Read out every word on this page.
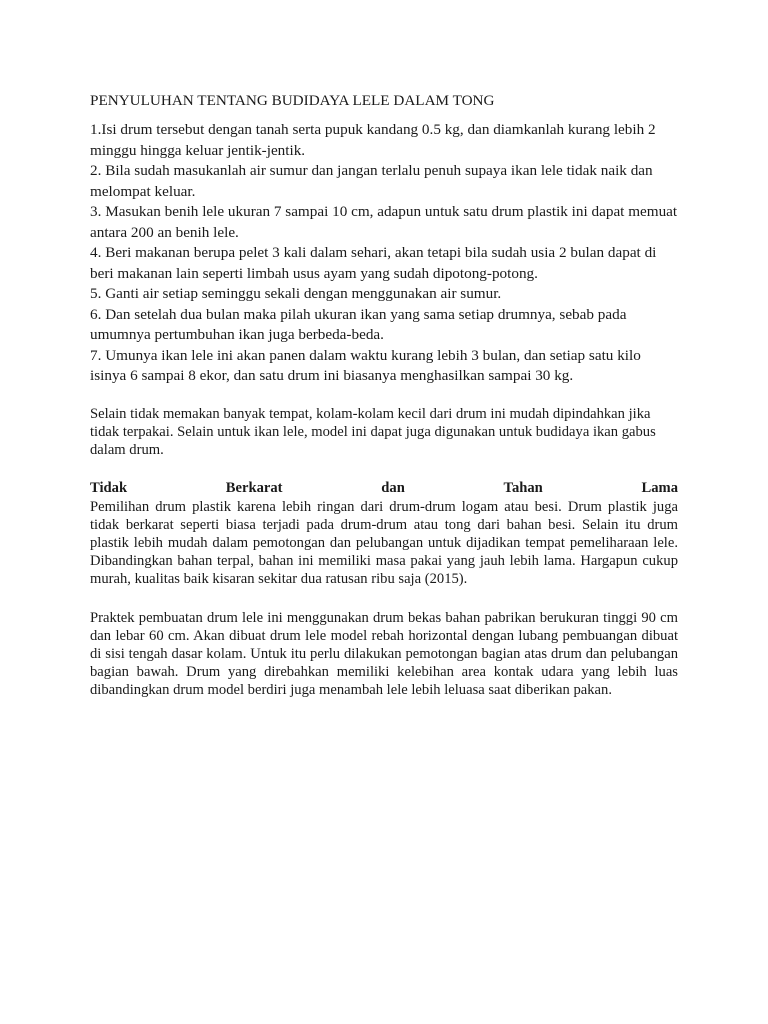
PENYULUHAN TENTANG BUDIDAYA LELE DALAM TONG
1.Isi drum tersebut dengan tanah serta pupuk kandang 0.5 kg, dan diamkanlah kurang lebih 2 minggu hingga keluar jentik-jentik.
2. Bila sudah masukanlah air sumur dan jangan terlalu penuh supaya ikan lele tidak naik dan melompat keluar.
3. Masukan benih lele ukuran 7 sampai 10 cm, adapun untuk satu drum plastik ini dapat memuat antara 200 an benih lele.
4. Beri makanan berupa pelet 3 kali dalam sehari, akan tetapi bila sudah usia 2 bulan dapat di beri makanan lain seperti limbah usus ayam yang sudah dipotong-potong.
5. Ganti air setiap seminggu sekali dengan menggunakan air sumur.
6. Dan setelah dua bulan maka pilah ukuran ikan yang sama setiap drumnya, sebab pada umumnya pertumbuhan ikan juga berbeda-beda.
7. Umunya ikan lele ini akan panen dalam waktu kurang lebih 3 bulan, dan setiap satu kilo isinya 6 sampai 8 ekor, dan satu drum ini biasanya menghasilkan sampai 30 kg.

Selain tidak memakan banyak tempat, kolam-kolam kecil dari drum ini mudah dipindahkan jika tidak terpakai. Selain untuk ikan lele, model ini dapat juga digunakan untuk budidaya ikan gabus dalam drum.

Tidak	Berkarat	dan	Tahan	Lama

Pemilihan drum plastik karena lebih ringan dari drum-drum logam atau besi. Drum plastik juga tidak berkarat seperti biasa terjadi pada drum-drum atau tong dari bahan besi. Selain itu drum plastik lebih mudah dalam pemotongan dan pelubangan untuk dijadikan tempat pemeliharaan lele. Dibandingkan bahan terpal, bahan ini memiliki masa pakai yang jauh lebih lama. Hargapun cukup murah, kualitas baik kisaran sekitar dua ratusan ribu saja (2015).

Praktek pembuatan drum lele ini menggunakan drum bekas bahan pabrikan berukuran tinggi 90 cm dan lebar 60 cm. Akan dibuat drum lele model rebah horizontal dengan lubang pembuangan dibuat di sisi tengah dasar kolam. Untuk itu perlu dilakukan pemotongan bagian atas drum dan pelubangan bagian bawah. Drum yang direbahkan memiliki kelebihan area kontak udara yang lebih luas dibandingkan drum model berdiri juga menambah lele lebih leluasa saat diberikan pakan.
